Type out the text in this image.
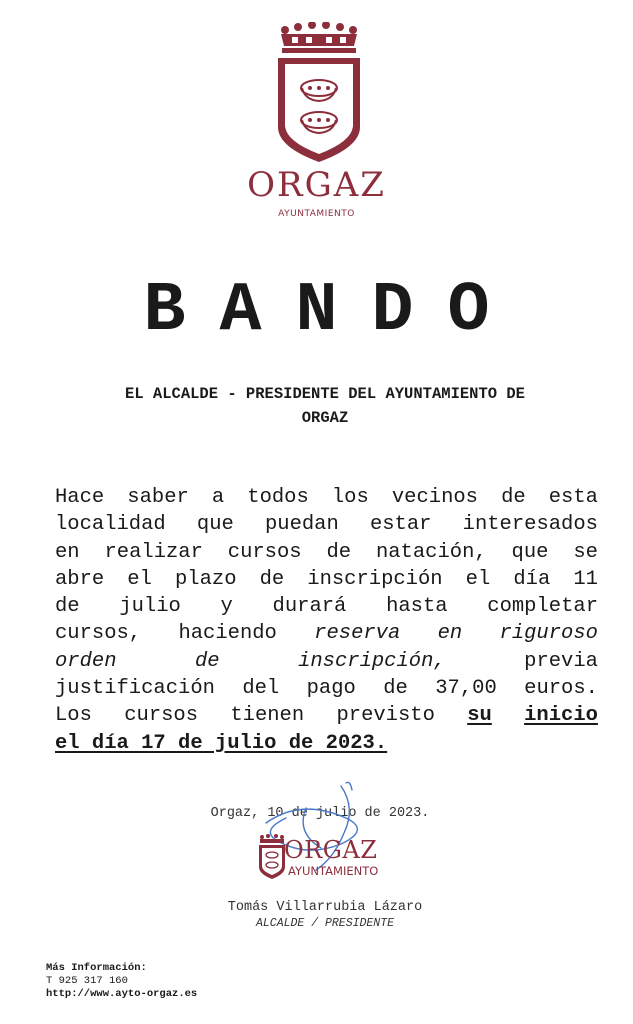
ORGAZ
AYUNTAMIENTO
BANDO
EL ALCALDE - PRESIDENTE DEL AYUNTAMIENTO DE
ORGAZ
Hace saber a todos los vecinos de esta
localidad que puedan estar interesados
en realizar cursos de natación, que se
abre el plazo de inscripción el día 11
de julio y durará hasta completar
cursos, haciendo reserva en riguroso
orden	de	inscripción,	previa
justificación del pago de 37,00 euros.
Los cursos tienen previsto su inicio
el día 17 de julio de 2023.
Orgaz, 10 de julio de 2023.
ORGAZ
AYUNTAMIENTO
Tomás Villarrubia Lázaro
ALCALDE / PRESIDENTE
Más Información:
T 925 317 160
http://www.ayto-orgaz.es
